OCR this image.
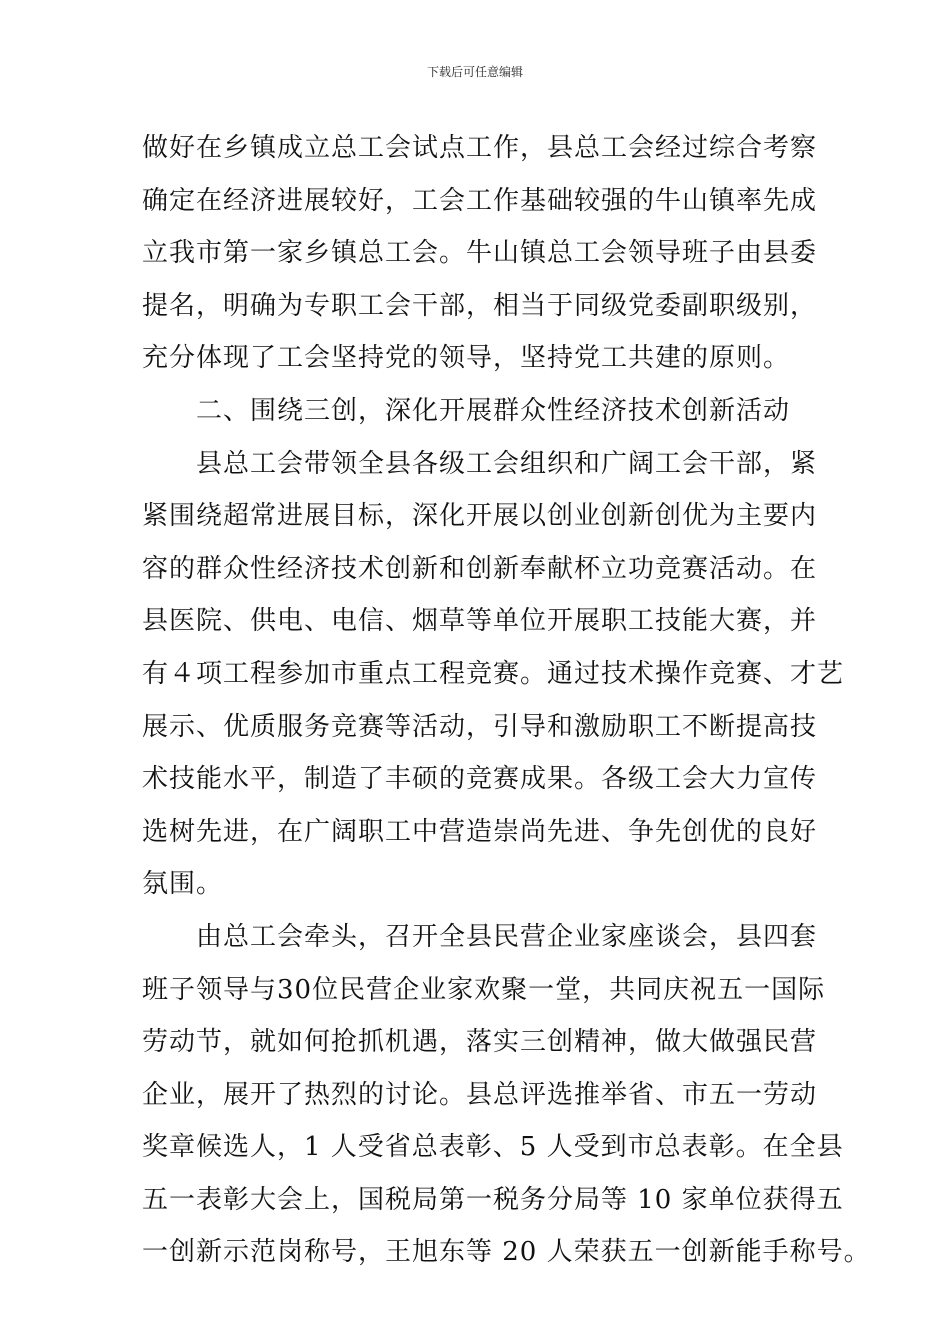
下载后可任意编辑
做好在乡镇成立总工会试点工作，县总工会经过综合考察
确定在经济进展较好，工会工作基础较强的牛山镇率先成
立我市第一家乡镇总工会。牛山镇总工会领导班子由县委
提名，明确为专职工会干部，相当于同级党委副职级别，
充分体现了工会坚持党的领导，坚持党工共建的原则。
二、围绕三创，深化开展群众性经济技术创新活动
县总工会带领全县各级工会组织和广阔工会干部，紧
紧围绕超常进展目标，深化开展以创业创新创优为主要内
容的群众性经济技术创新和创新奉献杯立功竞赛活动。在
县医院、供电、电信、烟草等单位开展职工技能大赛，并
有４项工程参加市重点工程竞赛。通过技术操作竞赛、才艺
展示、优质服务竞赛等活动，引导和激励职工不断提高技
术技能水平，制造了丰硕的竞赛成果。各级工会大力宣传
选树先进，在广阔职工中营造崇尚先进、争先创优的良好
氛围。
由总工会牵头，召开全县民营企业家座谈会，县四套
班子领导与30位民营企业家欢聚一堂，共同庆祝五一国际
劳动节，就如何抢抓机遇，落实三创精神，做大做强民营
企业，展开了热烈的讨论。县总评选推举省、市五一劳动
奖章候选人，1 人受省总表彰、5 人受到市总表彰。在全县
五一表彰大会上，国税局第一税务分局等 10 家单位获得五
一创新示范岗称号，王旭东等 20 人荣获五一创新能手称号。
